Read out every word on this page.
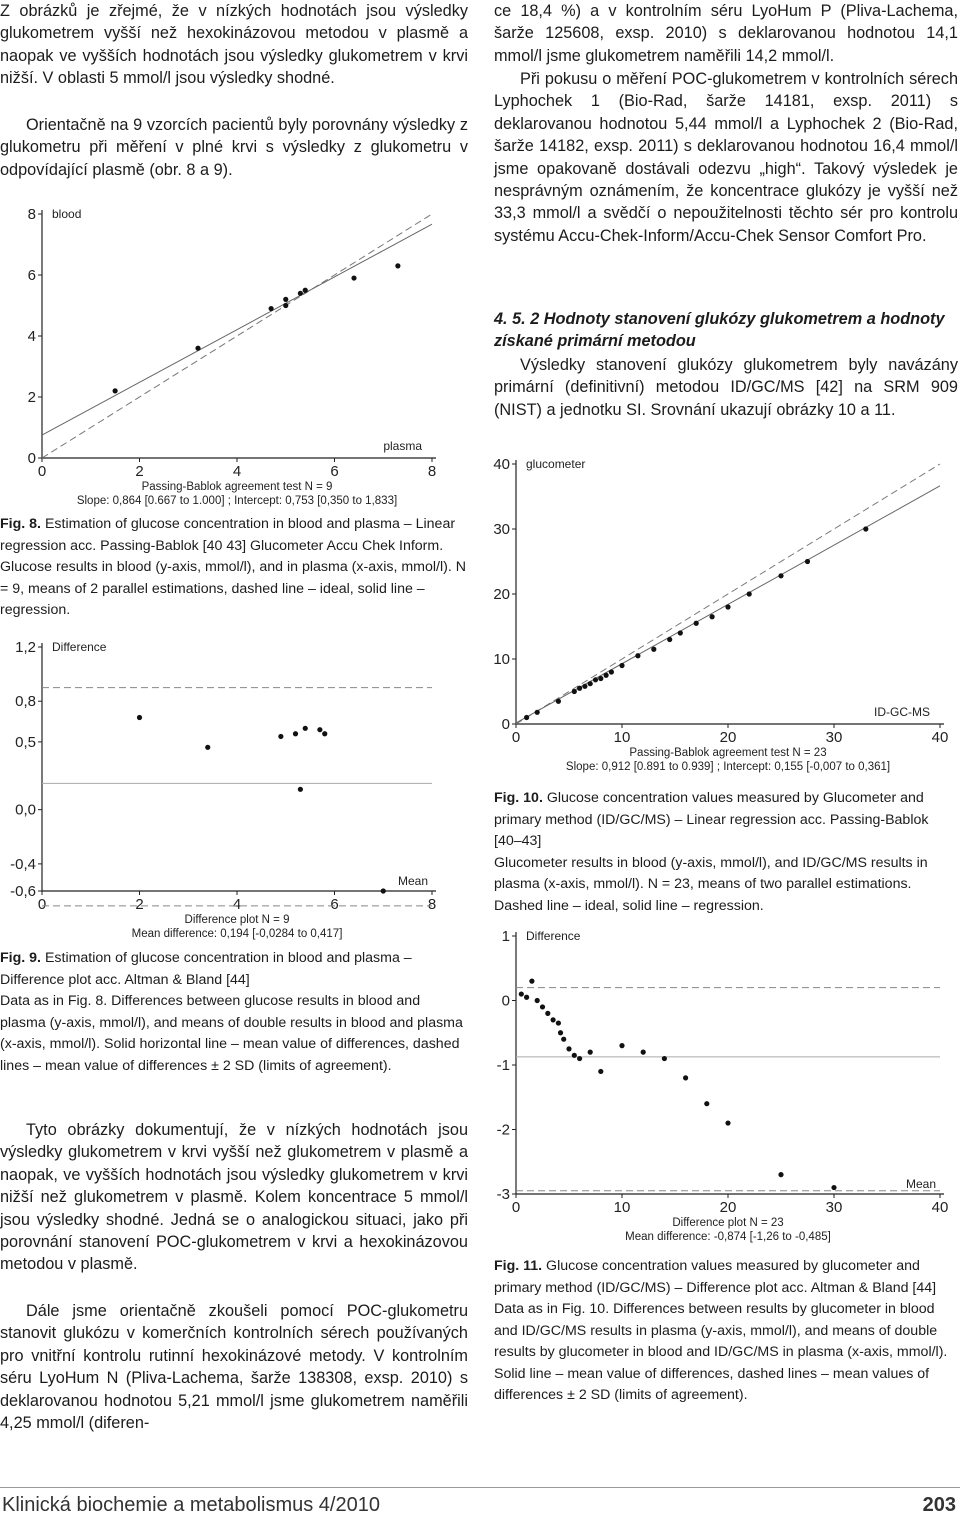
Z obrázků je zřejmé, že v nízkých hodnotách jsou výsledky glukometrem vyšší než hexokinázovou metodou v plasmě a naopak ve vyšších hodnotách jsou výsledky glukometrem v krvi nižší. V oblasti 5 mmol/l jsou výsledky shodné.

Orientačně na 9 vzorcích pacientů byly porovnány výsledky z glukometru při měření v plné krvi s výsledky z glukometru v odpovídající plasmě (obr. 8 a 9).

0	2	4	6	8
0
2
4
6
8 blood
plasma
Passing-Bablok agreement test N = 9
Slope: 0,864 [0.667 to 1.000] ; Intercept: 0,753 [0,350 to 1,833]

Fig. 8. Estimation of glucose concentration in blood and plasma – Linear regression acc. Passing-Bablok [40 43] Glucometer Accu Chek Inform. Glucose results in blood (y-axis, mmol/l), and in plasma (x-axis, mmol/l). N = 9, means of 2 parallel estimations, dashed line – ideal, solid line – regression.

0	2	4	6	8
1,2
0,8
0,5
0,0
-0,4
-0,6
Difference
Mean
Difference plot N = 9
Mean difference: 0,194 [-0,0284 to 0,417]
Fig. 9. Estimation of glucose concentration in blood and plasma – Difference plot acc. Altman & Bland [44]
Data as in Fig. 8. Differences between glucose results in blood and plasma (y-axis, mmol/l), and means of double results in blood and plasma (x-axis, mmol/l). Solid horizontal line – mean value of differences, dashed lines – mean value of differences ± 2 SD (limits of agreement).

Tyto obrázky dokumentují, že v nízkých hodnotách jsou výsledky glukometrem v krvi vyšší než glukometrem v plasmě a naopak, ve vyšších hodnotách jsou výsledky glukometrem v krvi nižší než glukometrem v plasmě. Kolem koncentrace 5 mmol/l jsou výsledky shodné. Jedná se o analogickou situaci, jako při porovnání stanovení POC-glukometrem v krvi a hexokinázovou metodou v plasmě.

Dále jsme orientačně zkoušeli pomocí POC-glukometru stanovit glukózu v komerčních kontrolních sérech používaných pro vnitřní kontrolu rutinní hexokinázové metody. V kontrolním séru LyoHum N (Pliva-Lachema, šarže 138308, exsp. 2010) s deklarovanou hodnotou 5,21 mmol/l jsme glukometrem naměřili 4,25 mmol/l (diferen-

ce 18,4 %) a v kontrolním séru LyoHum P (Pliva-Lachema, šarže 125608, exsp. 2010) s deklarovanou hodnotou 14,1 mmol/l jsme glukometrem naměřili 14,2 mmol/l.

Při pokusu o měření POC-glukometrem v kontrolních sérech Lyphochek 1 (Bio-Rad, šarže 14181, exsp. 2011) s deklarovanou hodnotou 5,44 mmol/l a Lyphochek 2 (Bio-Rad, šarže 14182, exsp. 2011) s deklarovanou hodnotou 16,4 mmol/l jsme opakovaně dostávali odezvu „high“. Takový výsledek je nesprávným oznámením, že koncentrace glukózy je vyšší než 33,3 mmol/l a svědčí o nepoužitelnosti těchto sér pro kontrolu systému Accu-Chek-Inform/Accu-Chek Sensor Comfort Pro.

4. 5. 2 Hodnoty stanovení glukózy glukometrem a hodnoty získané primární metodou

Výsledky stanovení glukózy glukometrem byly navázány primární (definitivní) metodou ID/GC/MS [42] na SRM 909 (NIST) a jednotku SI. Srovnání ukazují obrázky 10 a 11.

0	10	20	30	40
0
10
20
30
40 glucometer
ID-GC-MS
Passing-Bablok agreement test N = 23
Slope: 0,912 [0.891 to 0.939] ; Intercept: 0,155 [-0,007 to 0,361]
Fig. 10. Glucose concentration values measured by Glucometer and primary method (ID/GC/MS) – Linear regression acc. Passing-Bablok [40–43]
Glucometer results in blood (y-axis, mmol/l), and ID/GC/MS results in plasma (x-axis, mmol/l). N = 23, means of two parallel estimations. Dashed line – ideal, solid line – regression.
0	10	20	30	40
1
0
-1
-2
-3
Difference
Mean
Difference plot N = 23
Mean difference: -0,874 [-1,26 to -0,485]
Fig. 11. Glucose concentration values measured by glucometer and primary method (ID/GC/MS) – Difference plot acc. Altman & Bland [44]
Data as in Fig. 10. Differences between results by glucometer in blood and ID/GC/MS results in plasma (y-axis, mmol/l), and means of double results by glucometer in blood and ID/GC/MS in plasma (x-axis, mmol/l). Solid line – mean value of differences, dashed lines – mean values of differences ± 2 SD (limits of agreement).
Klinická biochemie a metabolismus 4/2010	203
